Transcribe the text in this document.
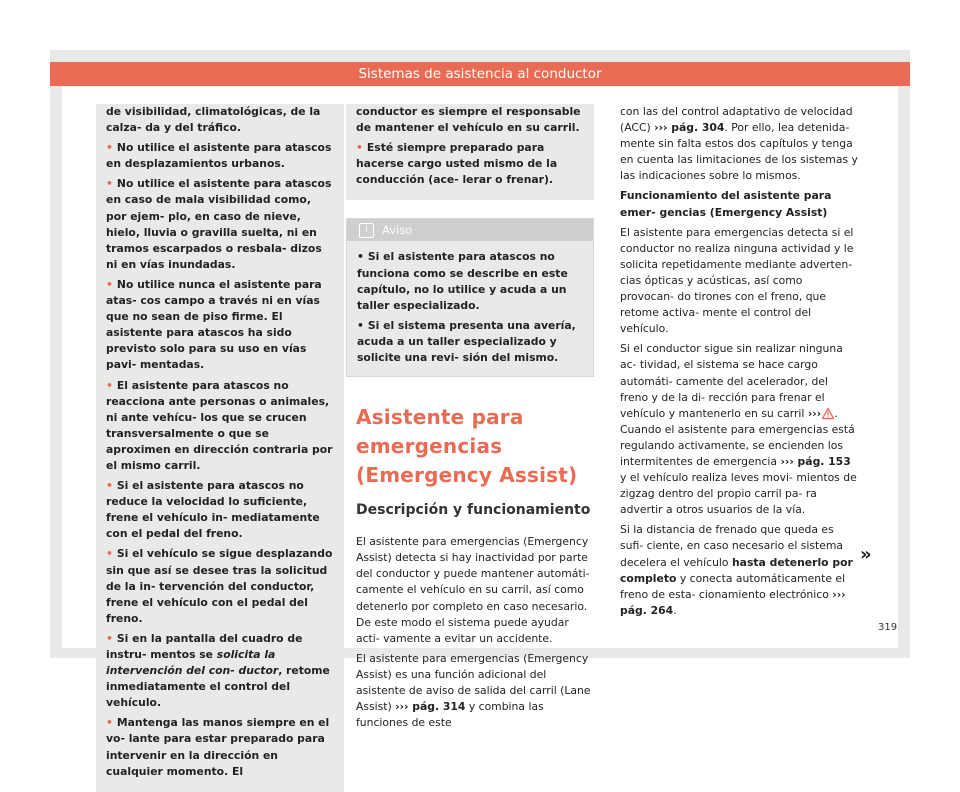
Sistemas de asistencia al conductor

de visibilidad, climatológicas, de la calza- da y del tráfico.

• No utilice el asistente para atascos en desplazamientos urbanos.

• No utilice el asistente para atascos en caso de mala visibilidad como, por ejem- plo, en caso de nieve, hielo, lluvia o gravilla suelta, ni en tramos escarpados o resbala- dizos ni en vías inundadas.

• No utilice nunca el asistente para atas- cos campo a través ni en vías que no sean de piso firme. El asistente para atascos ha sido previsto solo para su uso en vías pavi- mentadas.

• El asistente para atascos no reacciona ante personas o animales, ni ante vehícu- los que se crucen transversalmente o que se aproximen en dirección contraria por el mismo carril.

• Si el asistente para atascos no reduce la velocidad lo suficiente, frene el vehículo in- mediatamente con el pedal del freno.

• Si el vehículo se sigue desplazando sin que así se desee tras la solicitud de la in- tervención del conductor, frene el vehículo con el pedal del freno.

• Si en la pantalla del cuadro de instru- mentos se solicita la intervención del con- ductor, retome inmediatamente el control del vehículo.

• Mantenga las manos siempre en el vo- lante para estar preparado para intervenir en la dirección en cualquier momento. El

conductor es siempre el responsable de mantener el vehículo en su carril.

• Esté siempre preparado para hacerse cargo usted mismo de la conducción (ace- lerar o frenar).

i Aviso

• Si el asistente para atascos no funciona como se describe en este capítulo, no lo utilice y acuda a un taller especializado.

• Si el sistema presenta una avería, acuda a un taller especializado y solicite una revi- sión del mismo.

Asistente para emergencias (Emergency Assist)
Descripción y funcionamiento

El asistente para emergencias (Emergency Assist) detecta si hay inactividad por parte del conductor y puede mantener automáti- camente el vehículo en su carril, así como detenerlo por completo en caso necesario. De este modo el sistema puede ayudar acti- vamente a evitar un accidente.

El asistente para emergencias (Emergency Assist) es una función adicional del asistente de aviso de salida del carril (Lane Assist) ››› pág. 314 y combina las funciones de este

con las del control adaptativo de velocidad (ACC) ››› pág. 304. Por ello, lea detenida- mente sin falta estos dos capítulos y tenga en cuenta las limitaciones de los sistemas y las indicaciones sobre lo mismos.

Funcionamiento del asistente para emer- gencias (Emergency Assist)

El asistente para emergencias detecta si el conductor no realiza ninguna actividad y le solicita repetidamente mediante adverten- cias ópticas y acústicas, así como provocan- do tirones con el freno, que retome activa- mente el control del vehículo.

Si el conductor sigue sin realizar ninguna ac- tividad, el sistema se hace cargo automáti- camente del acelerador, del freno y de la di- rección para frenar el vehículo y mantenerlo en su carril ›››  . Cuando el asistente para emergencias está regulando activamente, se encienden los intermitentes de emergencia ››› pág. 153 y el vehículo realiza leves movi- mientos de zigzag dentro del propio carril pa- ra advertir a otros usuarios de la vía.

Si la distancia de frenado que queda es sufi- ciente, en caso necesario el sistema decelera el vehículo hasta detenerlo por completo y conecta automáticamente el freno de esta- cionamiento electrónico ››› pág. 264.

»
319
